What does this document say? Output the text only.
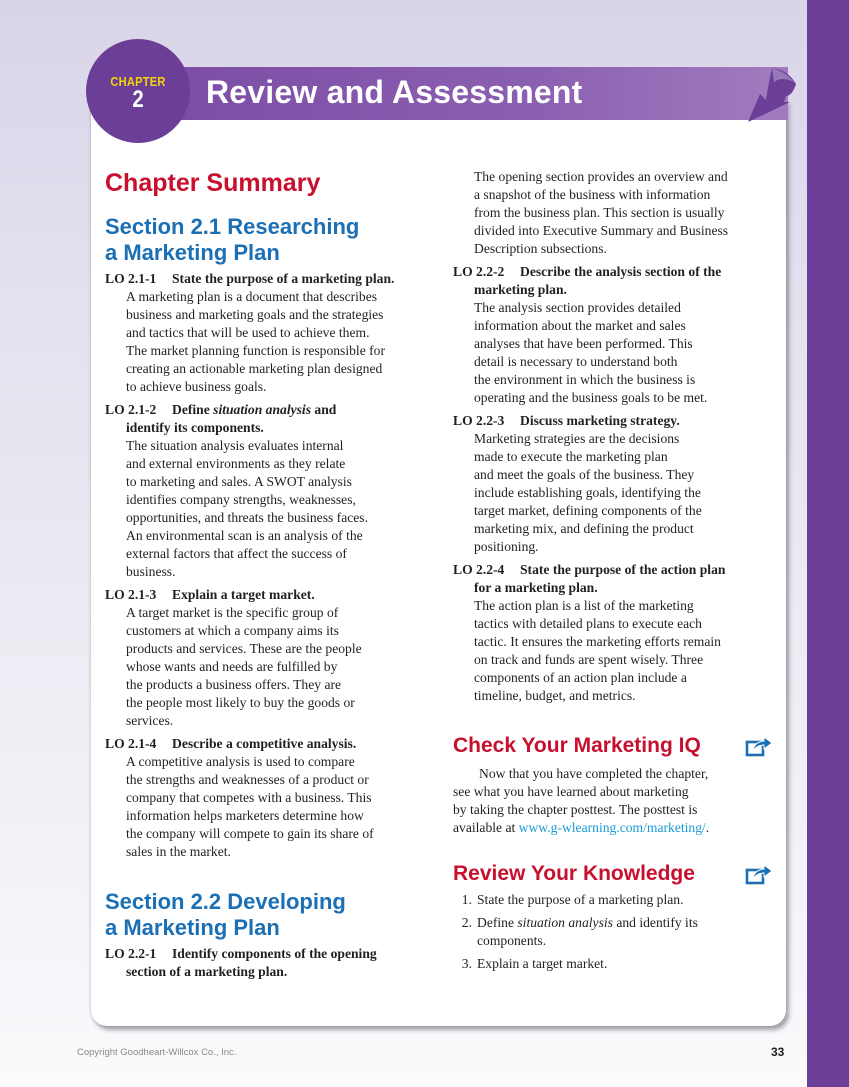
Review and Assessment
CHAPTER
2
Chapter Summary
Section 2.1 Researching
a Marketing Plan
LO 2.1-1 State the purpose of a marketing plan.
A marketing plan is a document that describes
business and marketing goals and the strategies
and tactics that will be used to achieve them.
The market planning function is responsible for
creating an actionable marketing plan designed
to achieve business goals.
LO 2.1-2 Define situation analysis and
identify its components.
The situation analysis evaluates internal
and external environments as they relate
to marketing and sales. A SWOT analysis
identifies company strengths, weaknesses,
opportunities, and threats the business faces.
An environmental scan is an analysis of the
external factors that affect the success of
business.
LO 2.1-3 Explain a target market.
A target market is the specific group of
customers at which a company aims its
products and services. These are the people
whose wants and needs are fulfilled by
the products a business offers. They are
the people most likely to buy the goods or
services.
LO 2.1-4 Describe a competitive analysis.
A competitive analysis is used to compare
the strengths and weaknesses of a product or
company that competes with a business. This
information helps marketers determine how
the company will compete to gain its share of
sales in the market.
Section 2.2 Developing
a Marketing Plan
LO 2.2-1 Identify components of the opening
section of a marketing plan.
The opening section provides an overview and
a snapshot of the business with information
from the business plan. This section is usually
divided into Executive Summary and Business
Description subsections.
LO 2.2-2 Describe the analysis section of the
marketing plan.
The analysis section provides detailed
information about the market and sales
analyses that have been performed. This
detail is necessary to understand both
the environment in which the business is
operating and the business goals to be met.
LO 2.2-3 Discuss marketing strategy.
Marketing strategies are the decisions
made to execute the marketing plan
and meet the goals of the business. They
include establishing goals, identifying the
target market, defining components of the
marketing mix, and defining the product
positioning.
LO 2.2-4 State the purpose of the action plan
for a marketing plan.
The action plan is a list of the marketing
tactics with detailed plans to execute each
tactic. It ensures the marketing efforts remain
on track and funds are spent wisely. Three
components of an action plan include a
timeline, budget, and metrics.
Check Your Marketing IQ
Now that you have completed the chapter,
see what you have learned about marketing
by taking the chapter posttest. The posttest is
available at www.g-wlearning.com/marketing/.
Review Your Knowledge
1. State the purpose of a marketing plan.
2. Define situation analysis and identify its
components.
3. Explain a target market.
Copyright Goodheart-Willcox Co., Inc.	33
